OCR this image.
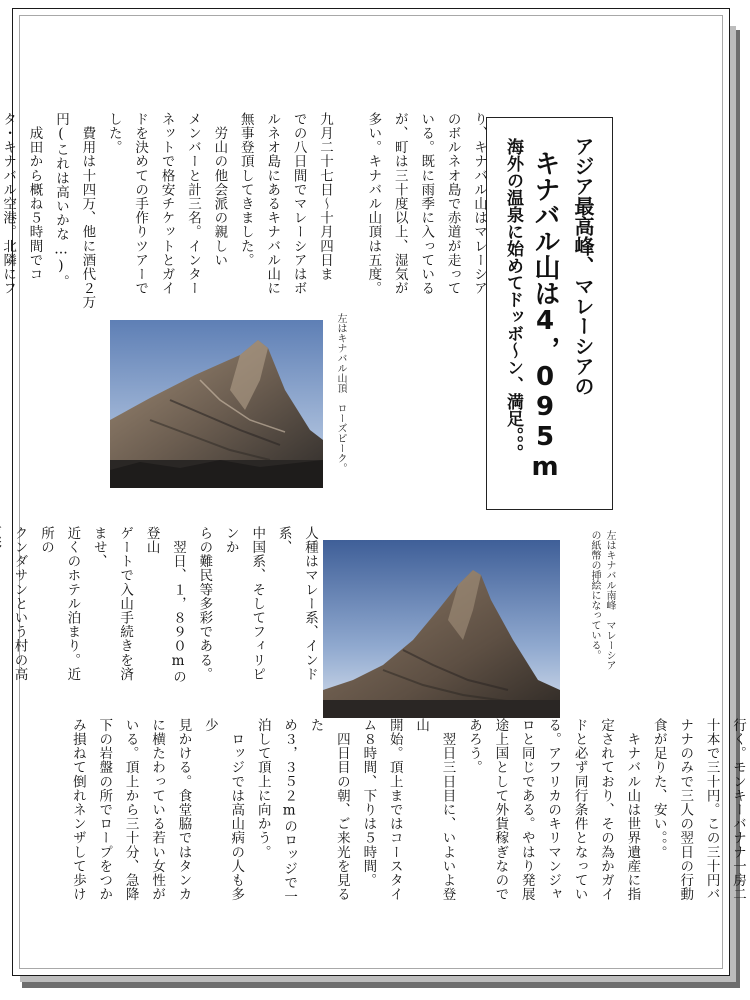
アジア最高峰、マレーシアの
キナバル山は4，095m
海外の温泉に始めてドッボ～ン、満足。。。
り、キナバル山はマレーシア
のボルネオ島で赤道が走って
いる。既に雨季に入っている
が、町は三十度以上、湿気が
多い。キナバル山頂は五度。
九月二十七日～十月四日ま
での八日間でマレーシアはボ
ルネオ島にあるキナバル山に
無事登頂してきました。
　労山の他会派の親しい
メンバーと計三名。インター
ネットで格安チケットとガイ
ドを決めての手作りツアーで
した。
　費用は十四万、他に酒代２万
円(これは高いかな…)。
　成田から概ね５時間でコ
タ・キナバル空港。北隣にフ

人種はマレー系、インド系、
中国系、そしてフィリピンか
らの難民等多彩である。
　翌日、１，８９０mの登山
ゲートで入山手続きを済ませ、
近くのホテル泊まり。近所の
クンダサンという村の高

行く。モンキーバナナ一房二
十本で三十円。この三十円バ
ナナのみで三人の翌日の行動
食が足りた、安い。。。
　キナバル山は世界遺産に指
定されており、その為かガイ
ドと必ず同行条件となってい
る。アフリカのキリマンジャ
ロと同じである。やはり発展
途上国として外貨稼ぎなので
あろう。
　翌日三日目に、いよいよ登山
開始。頂上まではコースタイ
ム８時間、下りは５時間。
　四日目の朝、ご来光を見るた
め３，３５２mのロッジで一
泊して頂上に向かう。
　ロッジでは高山病の人も多少
見かける。食堂脇ではタンカ
に横たわっている若い女性が
いる。頂上から三十分、急降
下の岩盤の所でロープをつか
み損ねて倒れネンザして歩け
左はキナバル山頂　ローズピーク。
左はキナバル南峰　マレーシア
の紙幣の挿絵になっている。
